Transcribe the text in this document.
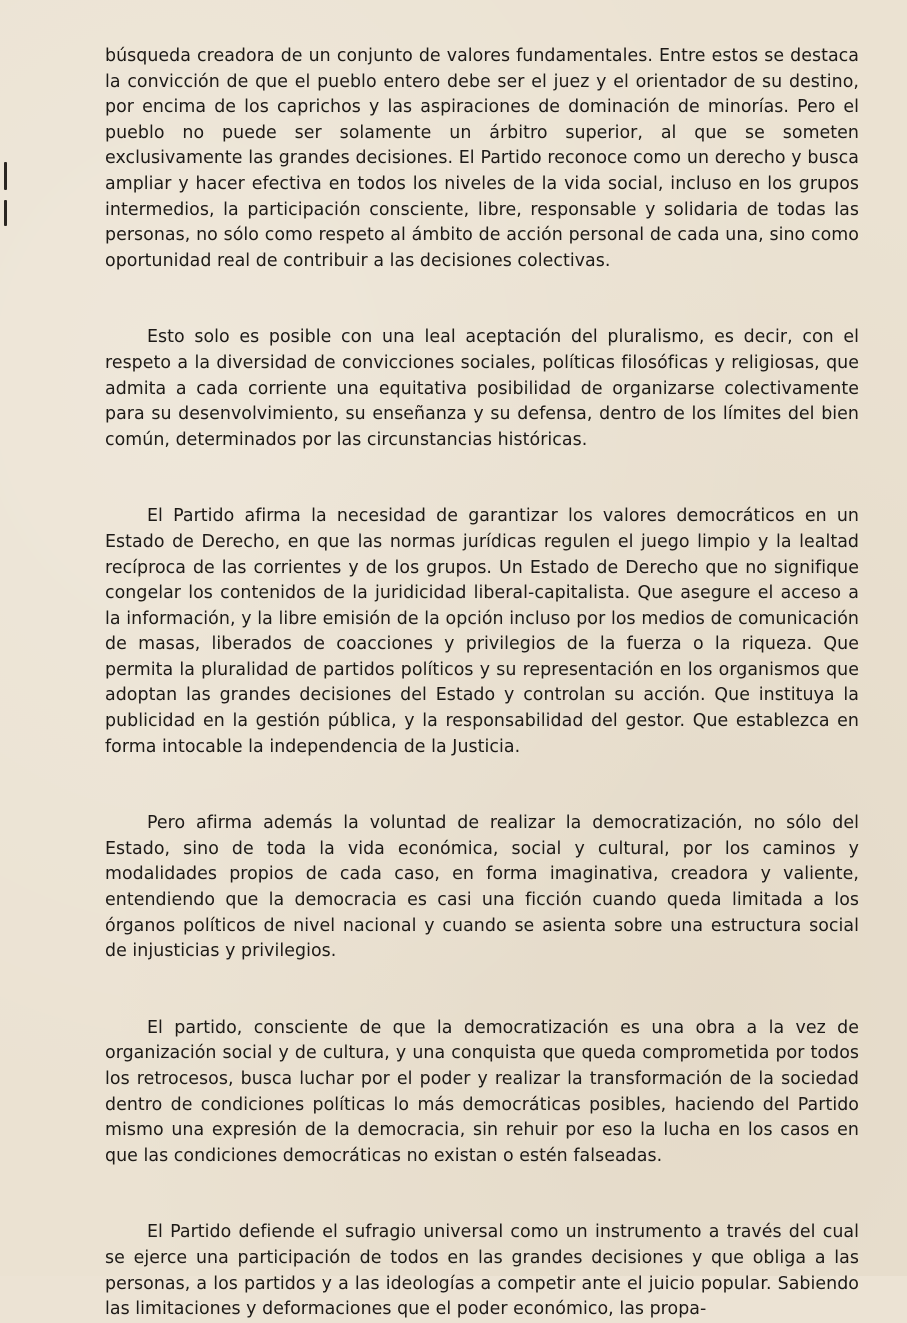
búsqueda creadora de un conjunto de valores fundamentales. Entre estos se destaca la convicción de que el pueblo entero debe ser el juez y el orientador de su destino, por encima de los caprichos y las aspiraciones de dominación de minorías. Pero el pueblo no puede ser solamente un árbitro superior, al que se someten exclusivamente las grandes decisiones. El Partido reconoce como un derecho y busca ampliar y hacer efectiva en todos los niveles de la vida social, incluso en los grupos intermedios, la participación consciente, libre, responsable y solidaria de todas las personas, no sólo como respeto al ámbito de acción personal de cada una, sino como oportunidad real de contribuir a las decisiones colectivas.

Esto solo es posible con una leal aceptación del pluralismo, es decir, con el respeto a la diversidad de convicciones sociales, políticas filosóficas y religiosas, que admita a cada corriente una equitativa posibilidad de organizarse colectivamente para su desenvolvimiento, su enseñanza y su defensa, dentro de los límites del bien común, determinados por las circunstancias históricas.

El Partido afirma la necesidad de garantizar los valores democráticos en un Estado de Derecho, en que las normas jurídicas regulen el juego limpio y la lealtad recíproca de las corrientes y de los grupos. Un Estado de Derecho que no signifique congelar los contenidos de la juridicidad liberal-capitalista. Que asegure el acceso a la información, y la libre emisión de la opción incluso por los medios de comunicación de masas, liberados de coacciones y privilegios de la fuerza o la riqueza. Que permita la pluralidad de partidos políticos y su representación en los organismos que adoptan las grandes decisiones del Estado y controlan su acción. Que instituya la publicidad en la gestión pública, y la responsabilidad del gestor. Que establezca en forma intocable la independencia de la Justicia.

Pero afirma además la voluntad de realizar la democratización, no sólo del Estado, sino de toda la vida económica, social y cultural, por los caminos y modalidades propios de cada caso, en forma imaginativa, creadora y valiente, entendiendo que la democracia es casi una ficción cuando queda limitada a los órganos políticos de nivel nacional y cuando se asienta sobre una estructura social de injusticias y privilegios.

El partido, consciente de que la democratización es una obra a la vez de organización social y de cultura, y una conquista que queda comprometida por todos los retrocesos, busca luchar por el poder y realizar la transformación de la sociedad dentro de condiciones políticas lo más democráticas posibles, haciendo del Partido mismo una expresión de la democracia, sin rehuir por eso la lucha en los casos en que las condiciones democráticas no existan o estén falseadas.

El Partido defiende el sufragio universal como un instrumento a través del cual se ejerce una participación de todos en las grandes decisiones y que obliga a las personas, a los partidos y a las ideologías a competir ante el juicio popular. Sabiendo las limitaciones y deformaciones que el poder económico, las propa-
